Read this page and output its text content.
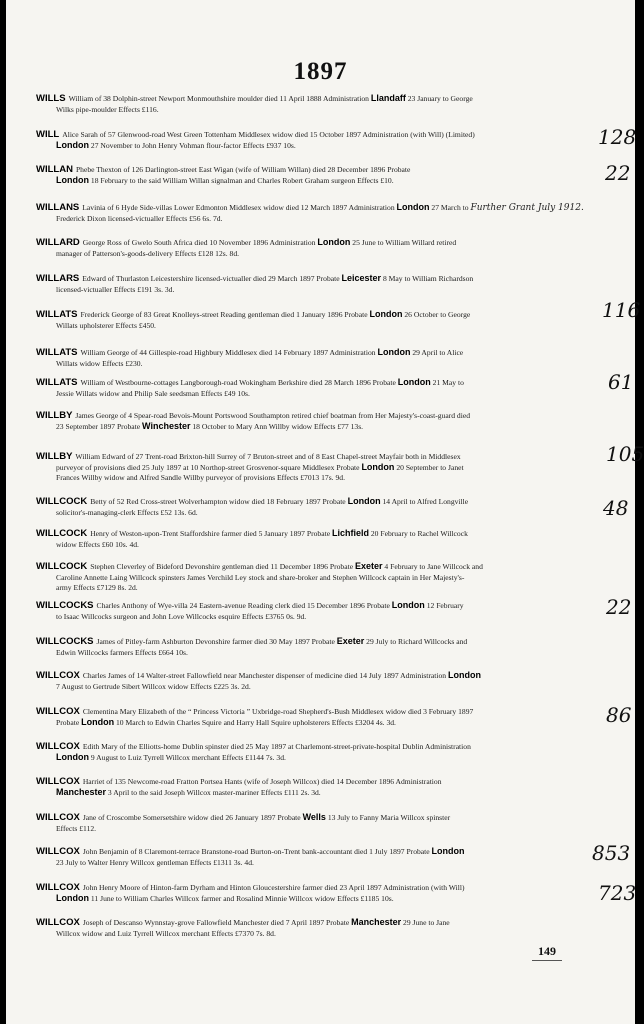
1897
WILLS William of 38 Dolphin-street Newport Monmouthshire moulder died 11 April 1888 Administration Llandaff 23 January to George
Wilks pipe-moulder Effects £116.
WILL Alice Sarah of 57 Glenwood-road West Green Tottenham Middlesex widow died 15 October 1897 Administration (with Will) (Limited)
London 27 November to John Henry Vohman flour-factor Effects £937 10s.
WILLAN Phebe Thexton of 126 Darlington-street East Wigan (wife of William Willan) died 28 December 1896 Probate
London 18 February to the said William Willan signalman and Charles Robert Graham surgeon Effects £10.
WILLANS Lavinia of 6 Hyde Side-villas Lower Edmonton Middlesex widow died 12 March 1897 Administration London 27 March to Further Grant July 1912.
Frederick Dixon licensed-victualler Effects £56 6s. 7d.
WILLARD George Ross of Gwelo South Africa died 10 November 1896 Administration London 25 June to William Willard retired
manager of Patterson's-goods-delivery Effects £128 12s. 8d.
WILLARS Edward of Thurlaston Leicestershire licensed-victualler died 29 March 1897 Probate Leicester 8 May to William Richardson
licensed-victualler Effects £191 3s. 3d.
WILLATS Frederick George of 83 Great Knolleys-street Reading gentleman died 1 January 1896 Probate London 26 October to George
Willats upholsterer Effects £450.
WILLATS William George of 44 Gillespie-road Highbury Middlesex died 14 February 1897 Administration London 29 April to Alice
Willats widow Effects £230.
WILLATS William of Westbourne-cottages Langborough-road Wokingham Berkshire died 28 March 1896 Probate London 21 May to
Jessie Willats widow and Philip Sale seedsman Effects £49 10s.
WILLBY James George of 4 Spear-road Bevois-Mount Portswood Southampton retired chief boatman from Her Majesty's-coast-guard died
23 September 1897 Probate Winchester 18 October to Mary Ann Willby widow Effects £77 13s.
WILLBY William Edward of 27 Trent-road Brixton-hill Surrey of 7 Bruton-street and of 8 East Chapel-street Mayfair both in Middlesex
purveyor of provisions died 25 July 1897 at 10 Northop-street Grosvenor-square Middlesex Probate London 20 September to Janet
Frances Willby widow and Alfred Sandle Willby purveyor of provisions Effects £7013 17s. 9d.
WILLCOCK Betty of 52 Red Cross-street Wolverhampton widow died 18 February 1897 Probate London 14 April to Alfred Longville
solicitor's-managing-clerk Effects £52 13s. 6d.
WILLCOCK Henry of Weston-upon-Trent Staffordshire farmer died 5 January 1897 Probate Lichfield 20 February to Rachel Willcock
widow Effects £60 10s. 4d.
WILLCOCK Stephen Cleverley of Bideford Devonshire gentleman died 11 December 1896 Probate Exeter 4 February to Jane Willcock and
Caroline Annette Laing Willcock spinsters James Verchild Ley stock and share-broker and Stephen Willcock captain in Her Majesty's-
army Effects £7129 8s. 2d.
WILLCOCKS Charles Anthony of Wye-villa 24 Eastern-avenue Reading clerk died 15 December 1896 Probate London 12 February
to Isaac Willcocks surgeon and John Love Willcocks esquire Effects £3765 0s. 9d.
WILLCOCKS James of Pitley-farm Ashburton Devonshire farmer died 30 May 1897 Probate Exeter 29 July to Richard Willcocks and
Edwin Willcocks farmers Effects £664 10s.
WILLCOX Charles James of 14 Walter-street Fallowfield near Manchester dispenser of medicine died 14 July 1897 Administration London
7 August to Gertrude Sibert Willcox widow Effects £225 3s. 2d.
WILLCOX Clementina Mary Elizabeth of the “ Princess Victoria ” Uxbridge-road Shepherd's-Bush Middlesex widow died 3 February 1897
Probate London 10 March to Edwin Charles Squire and Harry Hall Squire upholsterers Effects £3204 4s. 3d.
WILLCOX Edith Mary of the Elliotts-home Dublin spinster died 25 May 1897 at Charlemont-street-private-hospital Dublin Administration
London 9 August to Luiz Tyrrell Willcox merchant Effects £1144 7s. 3d.
WILLCOX Harriet of 135 Newcome-road Fratton Portsea Hants (wife of Joseph Willcox) died 14 December 1896 Administration
Manchester 3 April to the said Joseph Willcox master-mariner Effects £111 2s. 3d.
WILLCOX Jane of Croscombe Somersetshire widow died 26 January 1897 Probate Wells 13 July to Fanny Maria Willcox spinster
Effects £112.
WILLCOX John Benjamin of 8 Claremont-terrace Branstone-road Burton-on-Trent bank-accountant died 1 July 1897 Probate London
23 July to Walter Henry Willcox gentleman Effects £1311 3s. 4d.
WILLCOX John Henry Moore of Hinton-farm Dyrham and Hinton Gloucestershire farmer died 23 April 1897 Administration (with Will)
London 11 June to William Charles Willcox farmer and Rosalind Minnie Willcox widow Effects £1185 10s.
WILLCOX Joseph of Descanso Wynnstay-grove Fallowfield Manchester died 7 April 1897 Probate Manchester 29 June to Jane
Willcox widow and Luiz Tyrrell Willcox merchant Effects £7370 7s. 8d.
128
22
116
61
105
48
22
86
853
723
149
